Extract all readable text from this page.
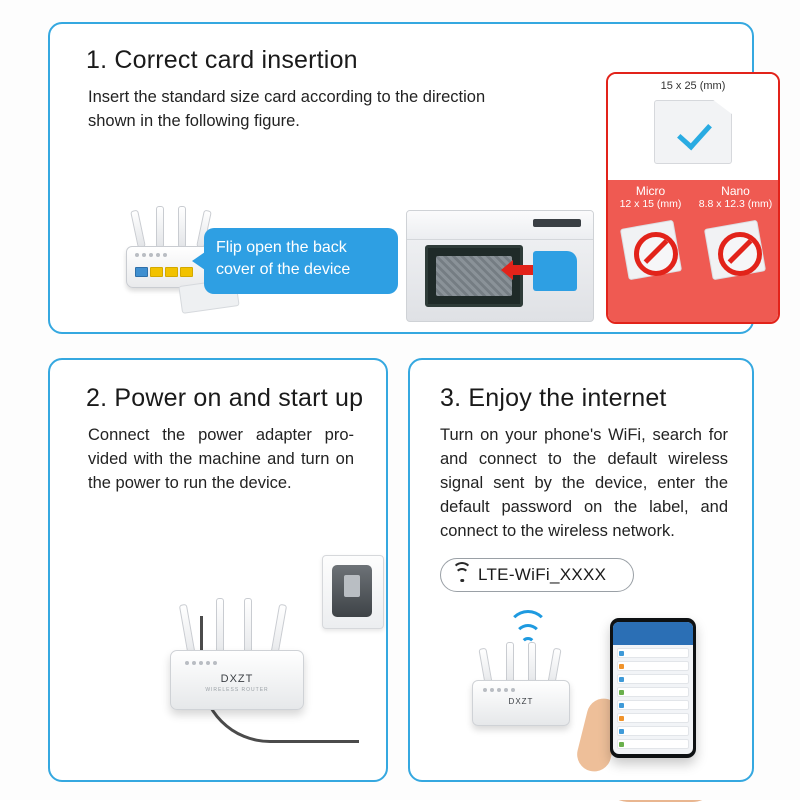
1. Correct card insertion
Insert the standard size card according to the direction shown in the following figure.
Flip open the back cover of the device
15 x 25 (mm)
Micro
12 x 15 (mm)
Nano
8.8 x 12.3 (mm)
2. Power on and start up
Connect the power adapter pro-vided with the machine and turn on the power to run the device.
DXZT
WIRELESS ROUTER
3. Enjoy the internet
Turn on your phone's WiFi, search for and connect to the default wireless signal sent by the device, enter the default password on the label, and connect to the wireless network.
LTE-WiFi_XXXX
DXZT
